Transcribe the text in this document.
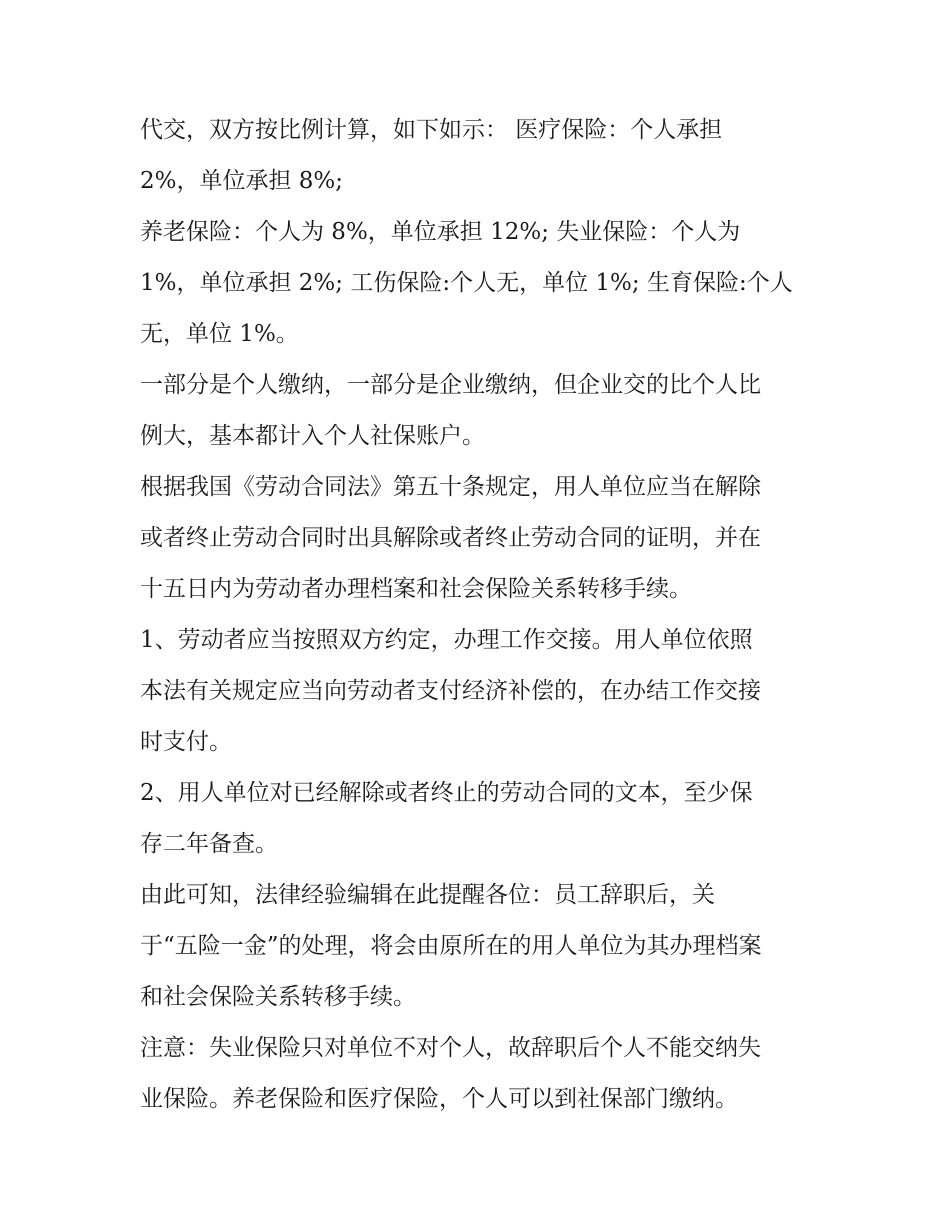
代交，双方按比例计算，如下如示： 医疗保险：个人承担

2%，单位承担 8%;

养老保险：个人为 8%，单位承担 12%; 失业保险：个人为

1%，单位承担 2%; 工伤保险:个人无，单位 1%; 生育保险:个人

无，单位 1%。

一部分是个人缴纳，一部分是企业缴纳，但企业交的比个人比

例大，基本都计入个人社保账户。

根据我国《劳动合同法》第五十条规定，用人单位应当在解除

或者终止劳动合同时出具解除或者终止劳动合同的证明，并在

十五日内为劳动者办理档案和社会保险关系转移手续。

1、劳动者应当按照双方约定，办理工作交接。用人单位依照

本法有关规定应当向劳动者支付经济补偿的，在办结工作交接

时支付。

2、用人单位对已经解除或者终止的劳动合同的文本，至少保

存二年备查。

由此可知，法律经验编辑在此提醒各位：员工辞职后，关

于“五险一金”的处理，将会由原所在的用人单位为其办理档案

和社会保险关系转移手续。

注意：失业保险只对单位不对个人，故辞职后个人不能交纳失

业保险。养老保险和医疗保险，个人可以到社保部门缴纳。
